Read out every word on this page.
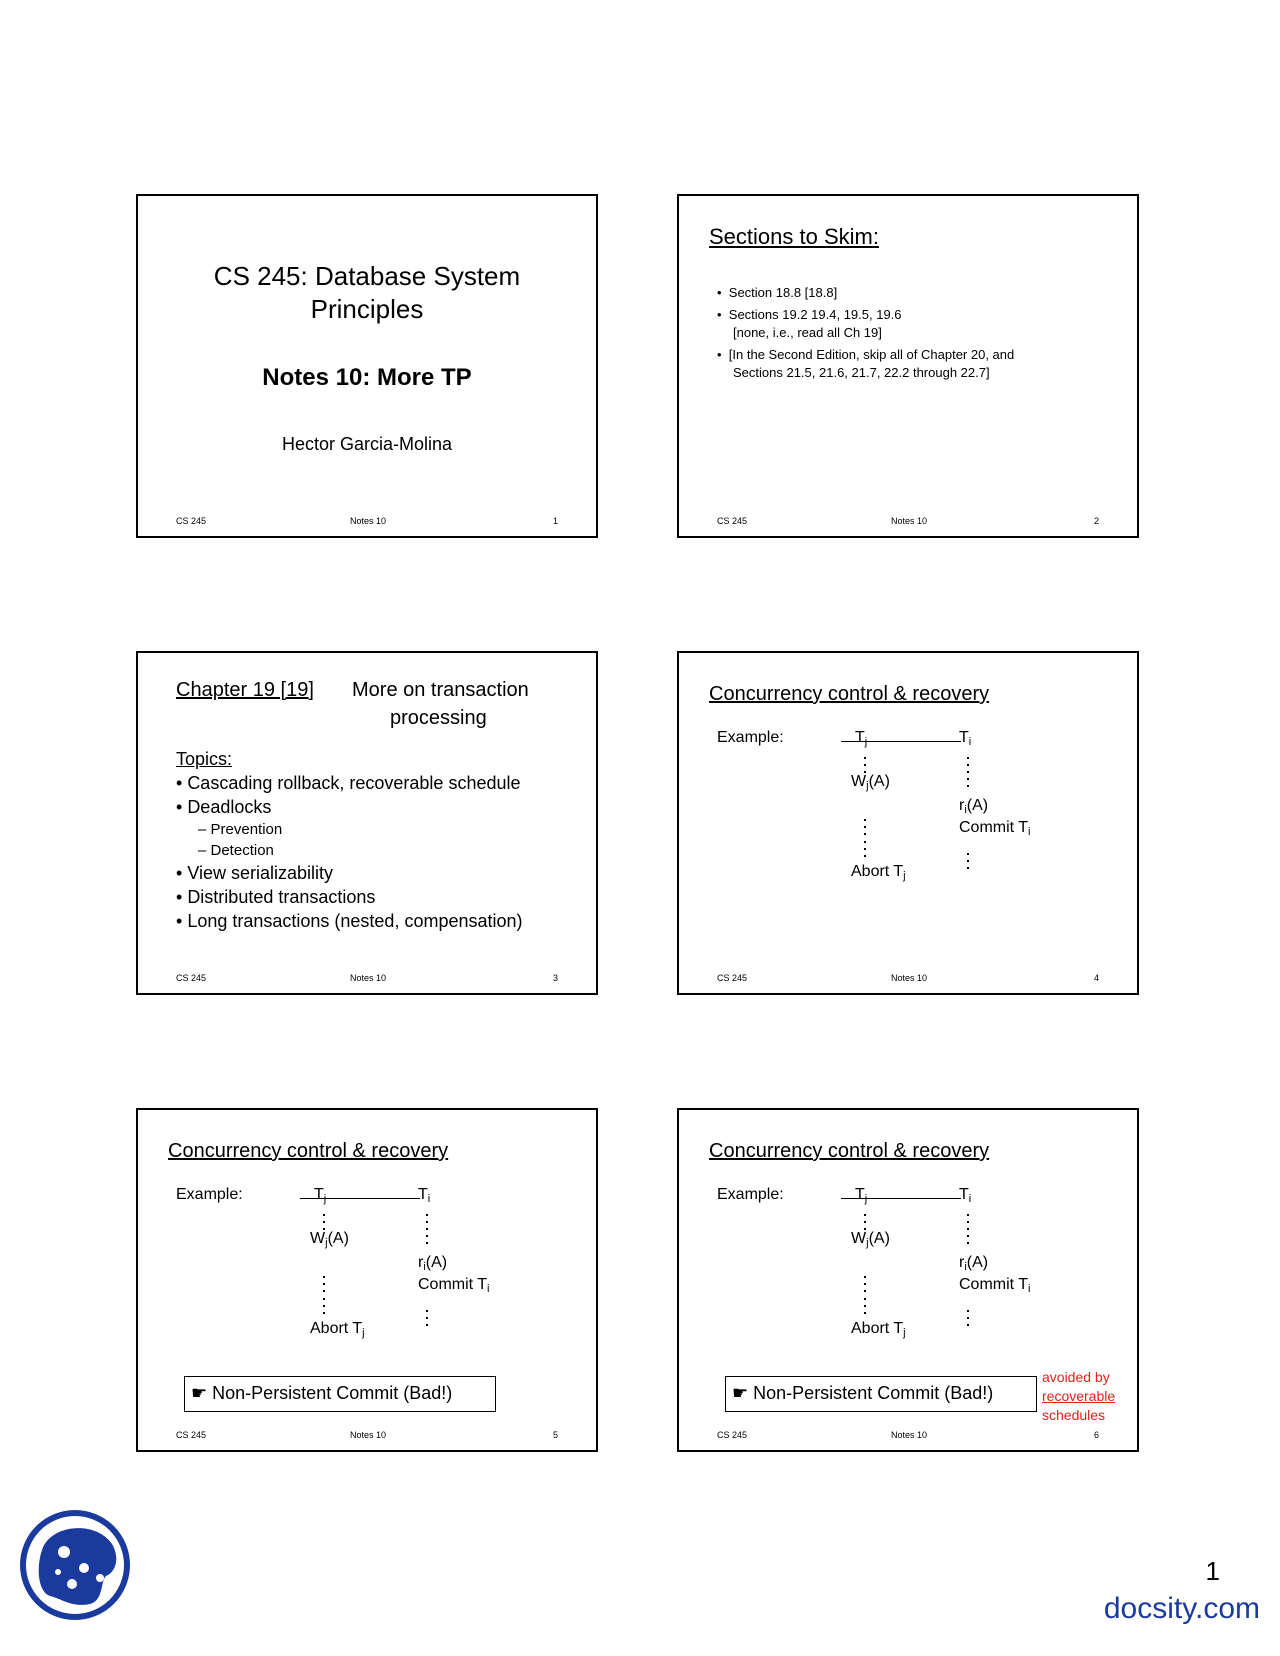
CS 245: Database System
Principles
Notes 10: More TP
Hector Garcia-Molina
CS 245	Notes 10	1
Sections to Skim:
•  Section 18.8 [18.8]
•  Sections 19.2 19.4, 19.5, 19.6
[none, i.e., read all Ch 19]
•  [In the Second Edition, skip all of Chapter 20, and
Sections 21.5, 21.6, 21.7, 22.2 through 22.7]
CS 245	Notes 10	2
Chapter 19 [19] More on transaction
processing
Topics:
• Cascading rollback, recoverable schedule
• Deadlocks
– Prevention
– Detection
• View serializability
• Distributed transactions
• Long transactions (nested, compensation)
CS 245	Notes 10	3
Concurrency control & recovery
Example:	$T_j$	$T_i$
$W_j(A)$
$r_i(A)$
Commit $T_i$
Abort $T_j$
CS 245	Notes 10	4
Concurrency control & recovery
Example:	$T_j$	$T_i$
$W_j(A)$
$r_i(A)$
Commit $T_i$
Abort $T_j$
☛ Non-Persistent Commit (Bad!)
CS 245	Notes 10	5
Concurrency control & recovery
Example:	$T_j$	$T_i$
$W_j(A)$
$r_i(A)$
Commit $T_i$
Abort $T_j$
☛ Non-Persistent Commit (Bad!)
avoided by
recoverable
schedules
CS 245	Notes 10	6
1
docsity.com
